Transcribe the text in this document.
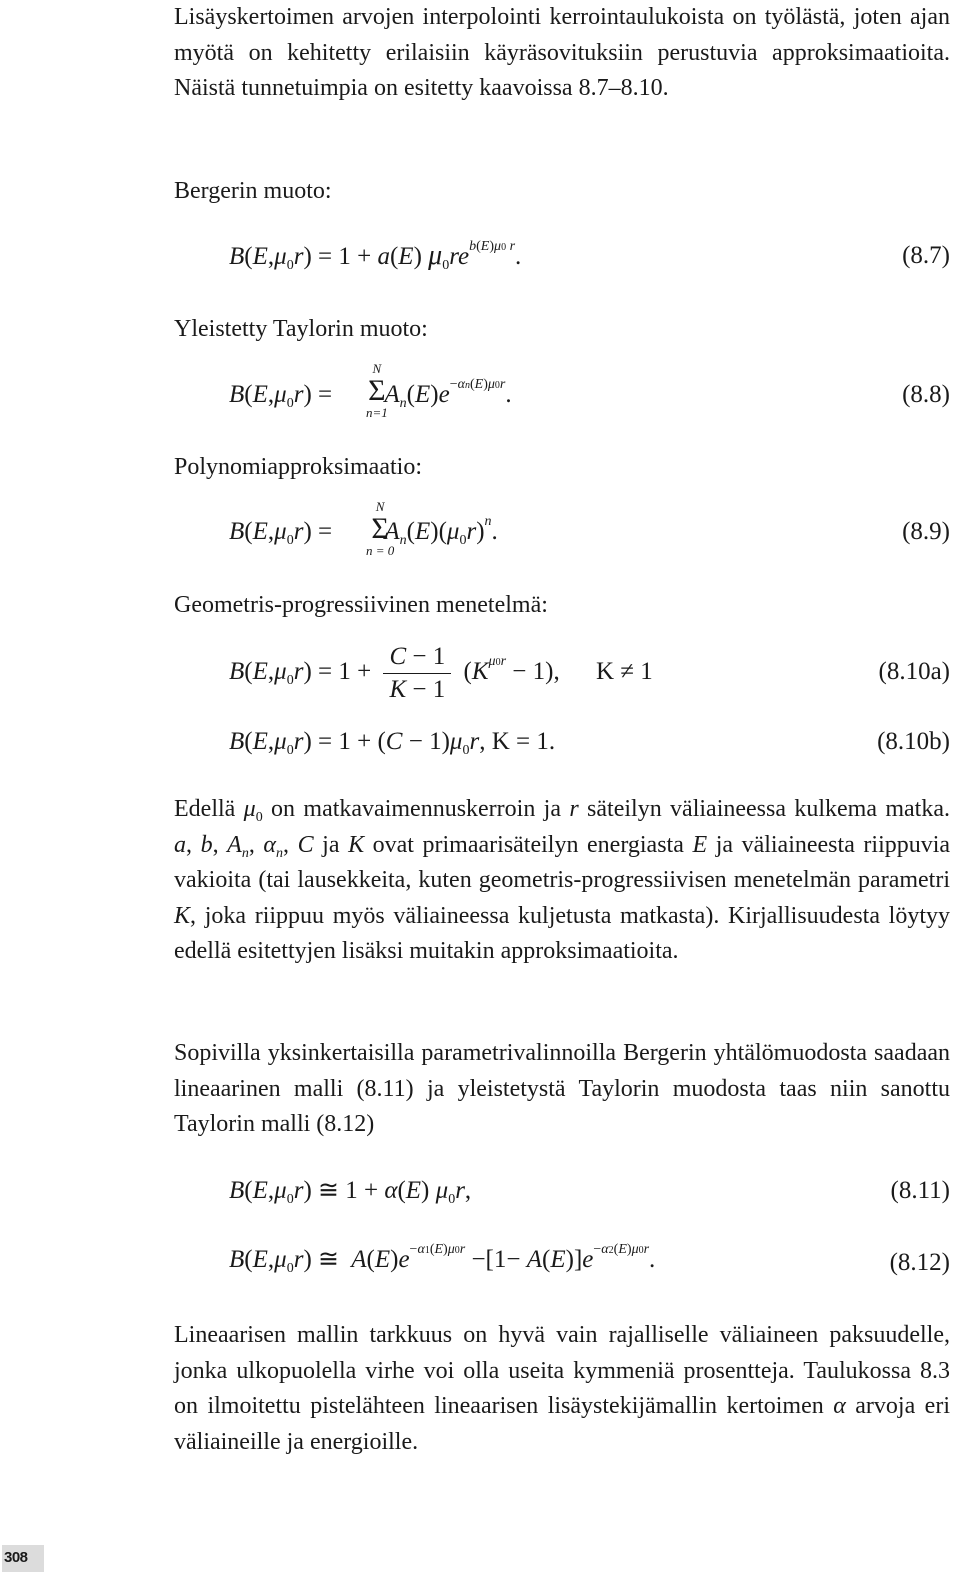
Lisäyskertoimen arvojen interpolointi kerrointaulukoista on työlästä, joten ajan myötä on kehitetty erilaisiin käyräsovituksiin perustuvia approksimaatioita. Näistä tunnetuimpia on esitetty kaavoissa 8.7–8.10.

Bergerin muoto:

$B(E,\mu_0r) = 1 + a(E)$ $\mu_0re^{b(E)\mu 0 r}$.	(8.7)

Yleistetty Taylorin muoto:

$B(E,\mu_0r) = A_n(E)e^{-\alpha n(E)\mu 0r}$.
N
Σ
n=1
(8.8)

Polynomiapproksimaatio:

$B(E,\mu_0r) = A_n(E)(\mu_0r)^n$.
N
Σ
n = 0
(8.9)

Geometris-progressiivinen menetelmä:

$B(E,\mu_0r) = 1 + \frac{C - 1}{K - 1} (K^{\mu 0r} - 1)$, K ≠ 1	(8.10a)
$B(E,\mu_0r) = 1 + (C - 1)\mu_0r$, K = 1.	(8.10b)

Edellä $\mu_0$ on matkavaimennuskerroin ja r säteilyn väliaineessa kulkema matka. a, b, $A_n$, $\alpha_n$, C ja K ovat primaarisäteilyn energiasta E ja väliaineesta riippuvia vakioita (tai lausekkeita, kuten geometris-progressiivisen menetelmän parametri K, joka riippuu myös väliaineessa kuljetusta matkasta). Kirjallisuudesta löytyy edellä esitettyjen lisäksi muitakin approksimaatioita.

Sopivilla yksinkertaisilla parametrivalinnoilla Bergerin yhtälömuodosta saadaan lineaarinen malli (8.11) ja yleistetystä Taylorin muodosta taas niin sanottu Taylorin malli (8.12)

$B(E,\mu_0r)$ ≅ 1 + α(E) $\mu_0r$,	(8.11)
$B(E,\mu_0r)$ ≅ $A(E)e^{-\alpha 1(E)\mu 0r} -[1- A(E)]e^{-\alpha 2(E)\mu 0r}$.	(8.12)

Lineaarisen mallin tarkkuus on hyvä vain rajalliselle väliaineen paksuudelle, jonka ulkopuolella virhe voi olla useita kymmeniä prosentteja. Taulukossa 8.3 on ilmoitettu pistelähteen lineaarisen lisäystekijämallin kertoimen α arvoja eri väliaineille ja energioille.

308
